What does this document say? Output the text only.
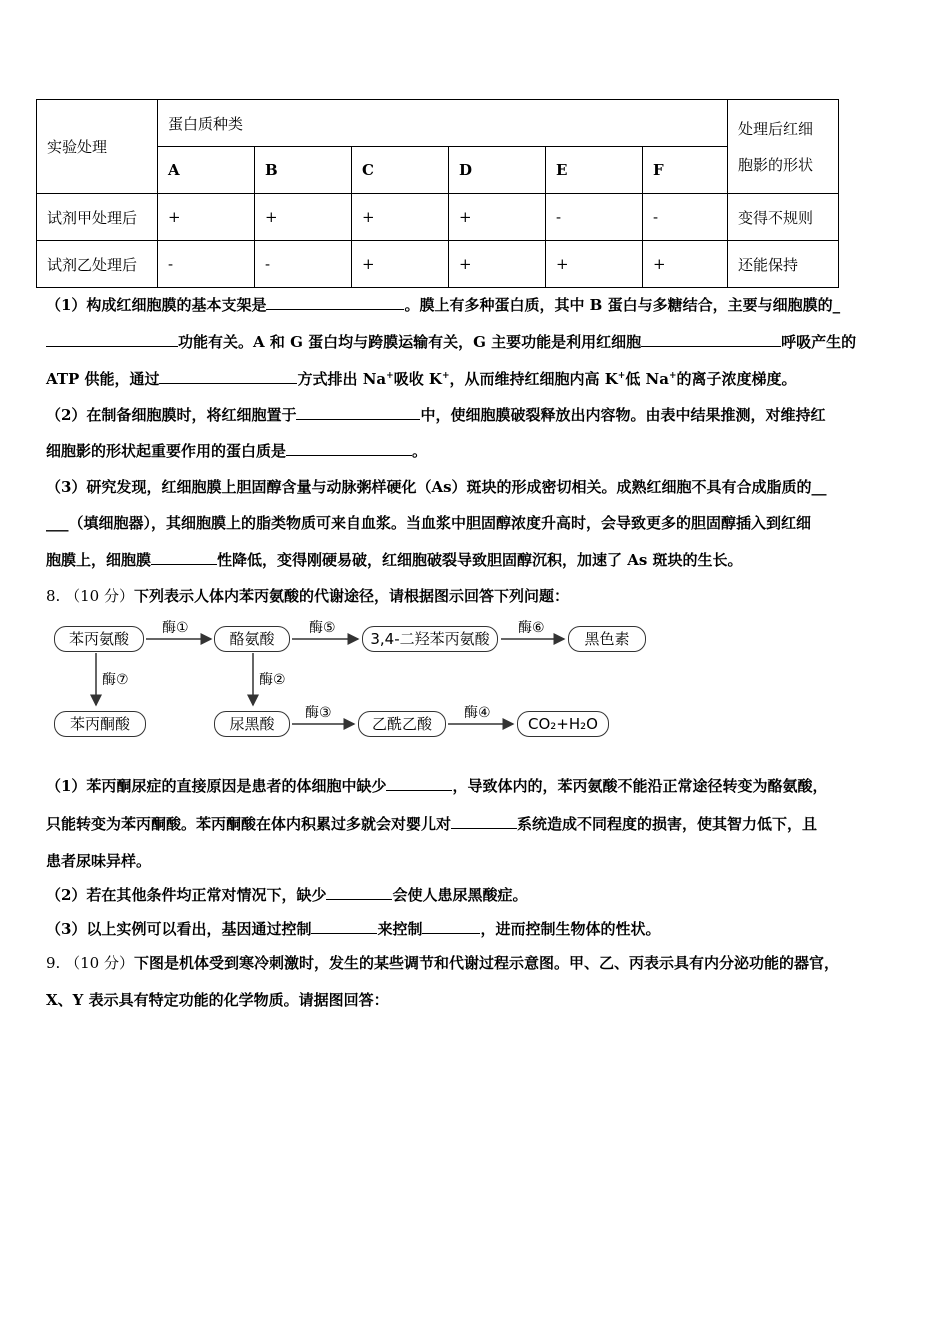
实验处理	蛋白质种类						处理后红细
胞影的形状
	A	B	C	D	E	F	
试剂甲处理后	+	+	+	+	-	-	变得不规则
试剂乙处理后	-	-	+	+	+	+	还能保持
（1）构成红细胞膜的基本支架是	。膜上有多种蛋白质，其中 B 蛋白与多糖结合，主要与细胞膜的_
功能有关。A 和 G 蛋白均与跨膜运输有关，G 主要功能是利用红细胞	呼吸产生的
ATP 供能，通过	方式排出 Na+吸收 K+，从而维持红细胞内高 K+低 Na+的离子浓度梯度。
（2）在制备细胞膜时，将红细胞置于	中，使细胞膜破裂释放出内容物。由表中结果推测，对维持红
细胞影的形状起重要作用的蛋白质是	。
（3）研究发现，红细胞膜上胆固醇含量与动脉粥样硬化（As）斑块的形成密切相关。成熟红细胞不具有合成脂质的__
___（填细胞器），其细胞膜上的脂类物质可来自血浆。当血浆中胆固醇浓度升高时，会导致更多的胆固醇插入到红细
胞膜上，细胞膜	性降低，变得刚硬易破，红细胞破裂导致胆固醇沉积，加速了 As 斑块的生长。
8. （10 分）下列表示人体内苯丙氨酸的代谢途径，请根据图示回答下列问题：
苯丙氨酸	酪氨酸	3,4-二羟苯丙氨酸	黑色素
苯丙酮酸	尿黑酸	乙酰乙酸	CO₂+H₂O
酶①	酶⑤	酶⑥
酶⑦	酶②
酶③	酶④
（1）苯丙酮尿症的直接原因是患者的体细胞中缺少	，导致体内的，苯丙氨酸不能沿正常途径转变为酪氨酸，
只能转变为苯丙酮酸。苯丙酮酸在体内积累过多就会对婴儿对	系统造成不同程度的损害，使其智力低下，且
患者尿味异样。
（2）若在其他条件均正常对情况下，缺少	会使人患尿黑酸症。
（3）以上实例可以看出，基因通过控制	来控制	，进而控制生物体的性状。
9. （10 分）下图是机体受到寒冷刺激时，发生的某些调节和代谢过程示意图。甲、乙、丙表示具有内分泌功能的器官，
X、Y 表示具有特定功能的化学物质。请据图回答：
